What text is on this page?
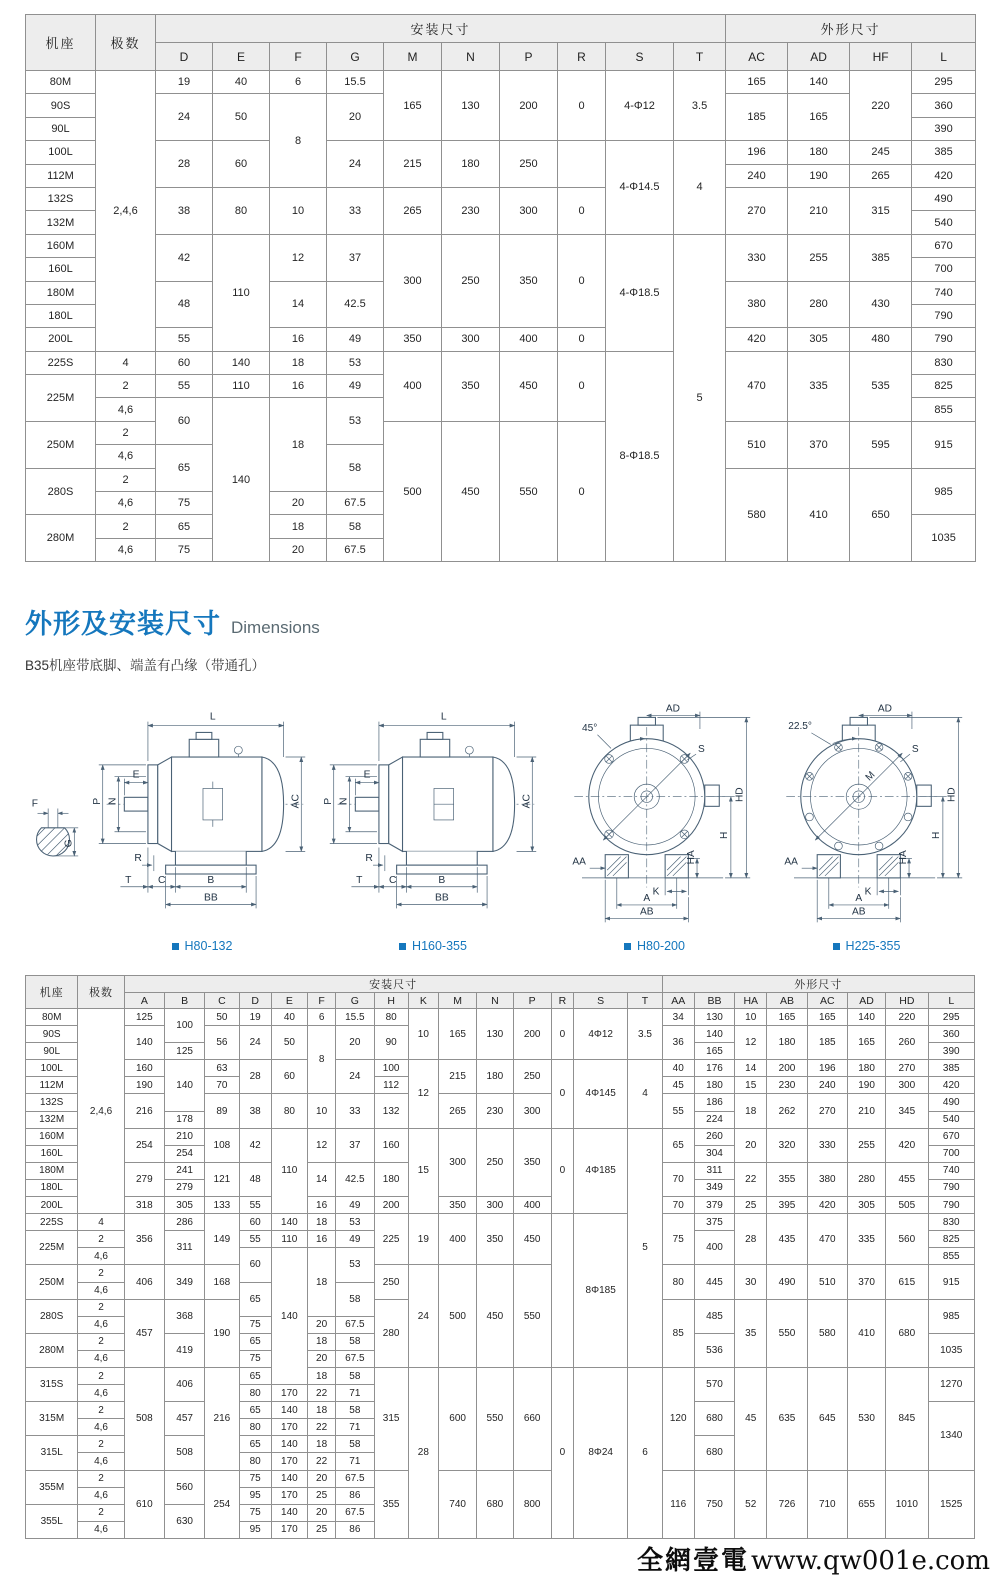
机座	极数	安装尺寸										外形尺寸			
		D	E	F	G	M	N	P	R	S	T	AC	AD	HF	L
80M	2,4,6	19	40	6	15.5	165	130	200	0	4-Φ12	3.5	165	140	220	295
90S		24	50	8	20							185	165		360
90L															390
100L		28	60		24	215	180	250		4-Φ14.5	4	196	180	245	385
112M												240	190	265	420
132S		38	80	10	33	265	230	300	0			270	210	315	490
132M															540
160M		42	110	12	37	300	250	350	0	4-Φ18.5	5	330	255	385	670
160L															700
180M		48		14	42.5							380	280	430	740
180L															790
200L		55		16	49	350	300	400	0			420	305	480	790
225S	4	60	140	18	53	400	350	450	0	8-Φ18.5		470	335	535	830
225M	2	55	110	16	49										825
	4,6	60	140	18	53										855
250M	2					500	450	550	0			510	370	595	915
	4,6	65			58										
280S	2											580	410	650	985
	4,6	75		20	67.5										
280M	2	65		18	58										1035
	4,6	75		20	67.5										
外形及安装尺寸 Dimensions
B35机座带底脚、端盖有凸缘（带通孔）
F
G
L
P N
E
AC
R
T	C	B
BB
H80-132
L
P N
E
AC
R
T	C	B
BB
H160-355
45°
AD
S
HD
H
HA
AA
K
A
AB
H80-200
22.5°
AD
S
M
HD
H
HA
AA
K
A
AB
H225-355
机座	极数	安装尺寸															外形尺寸							
		A	B	C	D	E	F	G	H	K	M	N	P	R	S	T	AA	BB	HA	AB	AC	AD	HD	L
80M	2,4,6	125	100	50	19	40	6	15.5	80	10	165	130	200	0	4Φ12	3.5	34	130	10	165	165	140	220	295
90S		140		56	24	50	8	20	90								36	140	12	180	185	165	260	360
90L			125															165						390
100L		160	140	63	28	60		24	100	12	215	180	250	0	4Φ145	4	40	176	14	200	196	180	270	385
112M		190		70					112								45	180	15	230	240	190	300	420
132S		216		89	38	80	10	33	132		265	230	300				55	186	18	262	270	210	345	490
132M			178															224						540
160M		254	210	108	42	110	12	37	160	15	300	250	350	0	4Φ185	5	65	260	20	320	330	255	420	670
160L			254															304						700
180M		279	241	121	48		14	42.5	180								70	311	22	355	380	280	455	740
180L			279															349						790
200L		318	305	133	55		16	49	200		350	300	400				70	379	25	395	420	305	505	790
225S	4	356	286	149	60	140	18	53	225	19	400	350	450		8Φ185		75	375	28	435	470	335	560	830
225M	2		311		55	110	16	49										400						825
	4,6				60	140	18	53																855
250M	2	406	349	168					250	24	500	450	550				80	445	30	490	510	370	615	915
	4,6				65			58																
280S	2	457	368	190					280								85	485	35	550	580	410	680	985
	4,6				75		20	67.5																
280M	2		419		65		18	58										536						1035
	4,6				75		20	67.5																
315S	2	508	406	216	65		18	58	315	28	600	550	660	0	8Φ24	6	120	570	45	635	645	530	845	1270
	4,6				80	170	22	71																
315M	2		457		65	140	18	58										680						1340
	4,6				80	170	22	71																
315L	2		508		65	140	18	58										680						
	4,6				80	170	22	71																
355M	2	610	560	254	75	140	20	67.5	355		740	680	800				116	750	52	726	710	655	1010	1525
	4,6				95	170	25	86																
355L	2		630		75	140	20	67.5																
	4,6				95	170	25	86																
全網壹電www.qw001e.com
